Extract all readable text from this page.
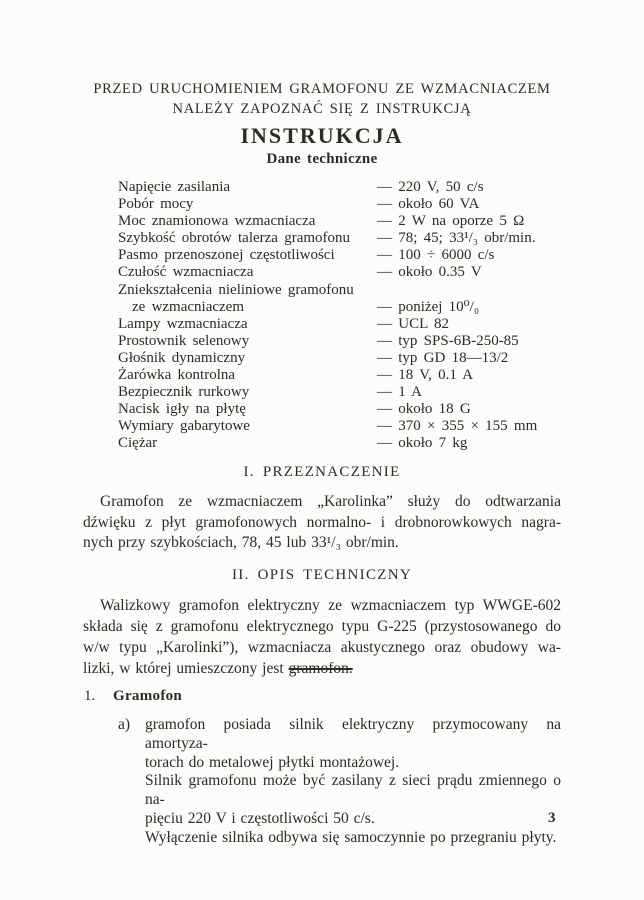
PRZED URUCHOMIENIEM GRAMOFONU ZE WZMACNIACZEM
NALEŻY ZAPOZNAĆ SIĘ Z INSTRUKCJĄ
INSTRUKCJA
Dane techniczne
Napięcie zasilania	— 220 V, 50 c/s
Pobór mocy	— około 60 VA
Moc znamionowa wzmacniacza	— 2 W na oporze 5 Ω
Szybkość obrotów talerza gramofonu	— 78; 45; 33¹/₃ obr/min.
Pasmo przenoszonej częstotliwości	— 100 ÷ 6000 c/s
Czułość wzmacniacza	— około 0.35 V
Zniekształcenia nieliniowe gramofonu
ze wzmacniaczem	— poniżej 10⁰/₀
Lampy wzmacniacza	— UCL 82
Prostownik selenowy	— typ SPS-6B-250-85
Głośnik dynamiczny	— typ GD 18—13/2
Żarówka kontrolna	— 18 V, 0.1 A
Bezpiecznik rurkowy	— 1 A
Nacisk igły na płytę	— około 18 G
Wymiary gabarytowe	— 370 × 355 × 155 mm
Ciężar	— około 7 kg
I. PRZEZNACZENIE
Gramofon ze wzmacniaczem „Karolinka” służy do odtwarzania
dźwięku z płyt gramofonowych normalno- i drobnorowkowych nagra-
nych przy szybkościach, 78, 45 lub 33¹/₃ obr/min.
II. OPIS TECHNICZNY
Walizkowy gramofon elektryczny ze wzmacniaczem typ WWGE-602
składa się z gramofonu elektrycznego typu G-225 (przystosowanego do
w/w typu „Karolinki”), wzmacniacza akustycznego oraz obudowy wa-
lizki, w której umieszczony jest gramofon.
1. Gramofon
a) gramofon posiada silnik elektryczny przymocowany na amortyza-
torach do metalowej płytki montażowej.
Silnik gramofonu może być zasilany z sieci prądu zmiennego o na-
pięciu 220 V i częstotliwości 50 c/s.
Wyłączenie silnika odbywa się samoczynnie po przegraniu płyty.
3
